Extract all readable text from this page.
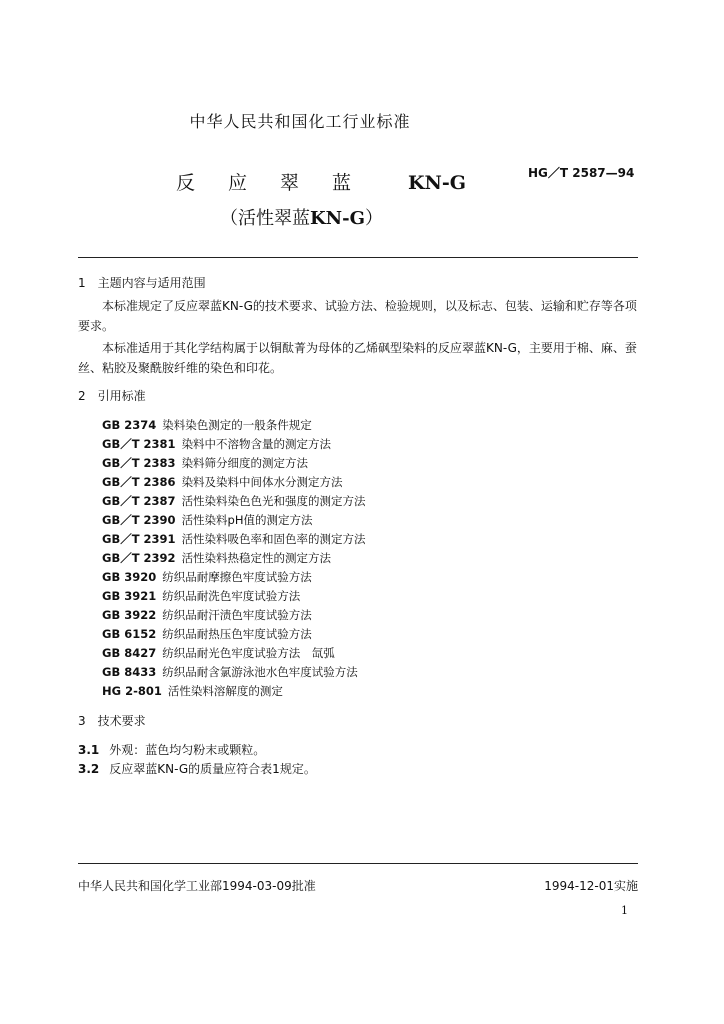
中华人民共和国化工行业标准
反 应 翠 蓝	KN-G	HG／T 2587—94
（活性翠蓝KN-G）
1　主题内容与适用范围
本标准规定了反应翠蓝KN-G的技术要求、试验方法、检验规则，以及标志、包装、运输和贮存等各项要求。
本标准适用于其化学结构属于以铜酞菁为母体的乙烯砜型染料的反应翠蓝KN-G，主要用于棉、麻、蚕丝、粘胶及聚酰胺纤维的染色和印花。
2　引用标准
GB 2374 染料染色测定的一般条件规定
GB／T 2381 染料中不溶物含量的测定方法
GB／T 2383 染料筛分细度的测定方法
GB／T 2386 染料及染料中间体水分测定方法
GB／T 2387 活性染料染色色光和强度的测定方法
GB／T 2390 活性染料pH值的测定方法
GB／T 2391 活性染料吸色率和固色率的测定方法
GB／T 2392 活性染料热稳定性的测定方法
GB 3920 纺织品耐摩擦色牢度试验方法
GB 3921 纺织品耐洗色牢度试验方法
GB 3922 纺织品耐汗渍色牢度试验方法
GB 6152 纺织品耐热压色牢度试验方法
GB 8427 纺织品耐光色牢度试验方法　氙弧
GB 8433 纺织品耐含氯游泳池水色牢度试验方法
HG 2-801 活性染料溶解度的测定
3　技术要求
3.1 外观：蓝色均匀粉末或颗粒。
3.2 反应翠蓝KN-G的质量应符合表1规定。
中华人民共和国化学工业部1994-03-09批准	1994-12-01实施
1
